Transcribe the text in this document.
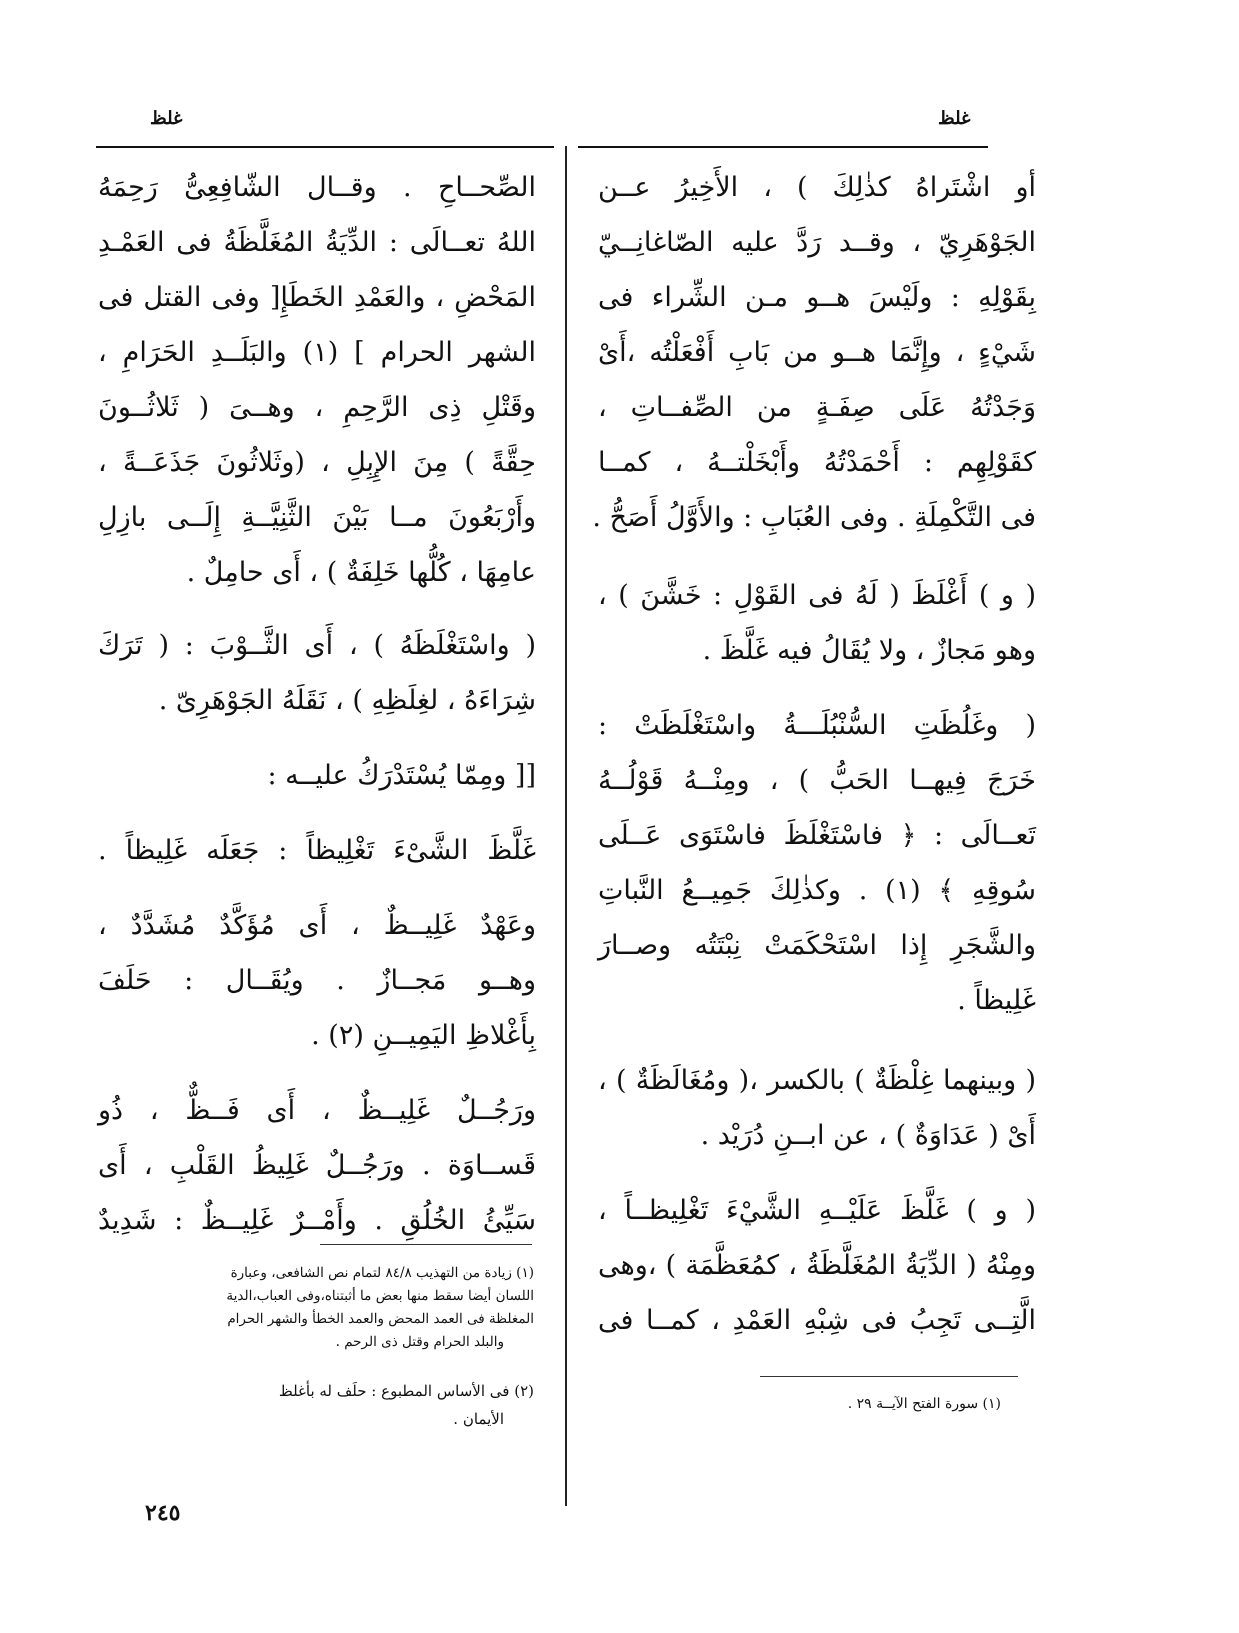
غلظ	غلظ
أو اشْتَراهُ كذٰلِكَ ) ، الأَخِيرُ عــن
الجَوْهَرِيّ ، وقــد رَدَّ عليه الصّاغانِــيّ
بِقَوْلِهِ : ولَيْسَ هــو مـن الشِّراء فى
شَيْءٍ ، وإِنَّمَا هــو من بَابِ أَفْعَلْتُه ،أَىْ
وَجَدْتُهُ عَلَى صِفَـةٍ من الصِّفــاتِ ،
كقَوْلِهِم : أَحْمَدْتُهُ وأَبْخَلْتــهُ ، كمــا
فى التَّكْمِلَةِ . وفى العُبَابِ : والأَوَّلُ أَصَحُّ .
( و ) أَغْلَظَ ( لَهُ فى القَوْلِ : خَشَّنَ ) ،
وهو مَجازٌ ، ولا يُقَالُ فيه غَلَّظَ .
( وغَلُظَتِ السُّنْبُلَـــةُ واسْتَغْلَظَتْ :
خَرَجَ فِيهــا الحَبُّ ) ، ومِنْــهُ قَوْلُــهُ
تَعــالَى : ﴿ فاسْتَغْلَظَ فاسْتَوَى عَــلَى
سُوقِهِ ﴾ (١) . وكذٰلِكَ جَمِيــعُ النَّباتِ
والشَّجَرِ إِذا اسْتَحْكَمَتْ نِبْتَتُه وصــارَ
غَلِيظاً .
( وبينهما غِلْظَةٌ ) بالكسر ،( ومُغَالَظَةٌ ) ،
أَىْ ( عَدَاوَةٌ ) ، عن ابــنِ دُرَيْد .
( و ) غَلَّظَ عَلَيْــهِ الشَّيْءَ تَغْلِيظــاً ،
ومِنْهُ ( الدِّيَةُ المُغَلَّظَةُ ، كمُعَظَّمَة ) ،وهى
الَّتِــى تَجِبُ فى شِبْهِ العَمْدِ ، كمــا فى
(١) سورة الفتح الآيــة ٢٩ .
الصِّحــاحِ . وقــال الشّافِعِىُّ رَحِمَهُ
اللهُ تعــالَى : الدِّيَةُ المُغَلَّظَةُ فى العَمْـدِ
المَحْضِ ، والعَمْدِ الخَطَإِ[ وفى القتل فى
الشهر الحرام ] (١) والبَلَــدِ الحَرَامِ ،
وقَتْلِ ذِى الرَّحِمِ ، وهــىَ ( ثَلاثُــونَ
حِقَّةً ) مِنَ الإِبِلِ ، (وثَلاثُونَ جَذَعَــةً ،
وأَرْبَعُونَ مــا بَيْنَ الثَّنِيَّــةِ إِلَــى بازِلِ
عامِهَا ، كُلُّها خَلِفَةٌ ) ، أَى حامِلٌ .
( واسْتَغْلَظَهُ ) ، أَى الثَّــوْبَ : ( تَرَكَ
شِرَاءَهُ ، لغِلَظِهِ ) ، نَقَلَهُ الجَوْهَرِىّ .
[[ ومِمّا يُسْتَدْرَكُ عليــه :
غَلَّظَ الشَّىْءَ تَغْلِيظاً : جَعَلَه غَلِيظاً .
وعَهْدٌ غَلِيــظٌ ، أَى مُؤَكَّدٌ مُشَدَّدٌ ،
وهــو مَجــازٌ . ويُقَــال : حَلَفَ
بِأَغْلاظِ اليَمِيــنِ (٢) .
ورَجُــلٌ غَلِيــظٌ ، أَى فَــظٌّ ، ذُو
قَســاوَة . ورَجُــلٌ غَلِيظُ القَلْبِ ، أَى
سَيِّئُ الخُلُقِ . وأَمْــرٌ غَلِيــظٌ : شَدِيدٌ
(١) زيادة من التهذيب ٨٤/٨ لتمام نص الشافعى، وعبارة
اللسان أيضا سقط منها بعض ما أثبتناه،وفى العباب،الدية
المغلظة فى العمد المحض والعمد الخطأ والشهر الحرام
والبلد الحرام وقتل ذى الرحم .
(٢) فى الأساس المطبوع : حلَف له بأغلظ
الأيمان .
٢٤٥
